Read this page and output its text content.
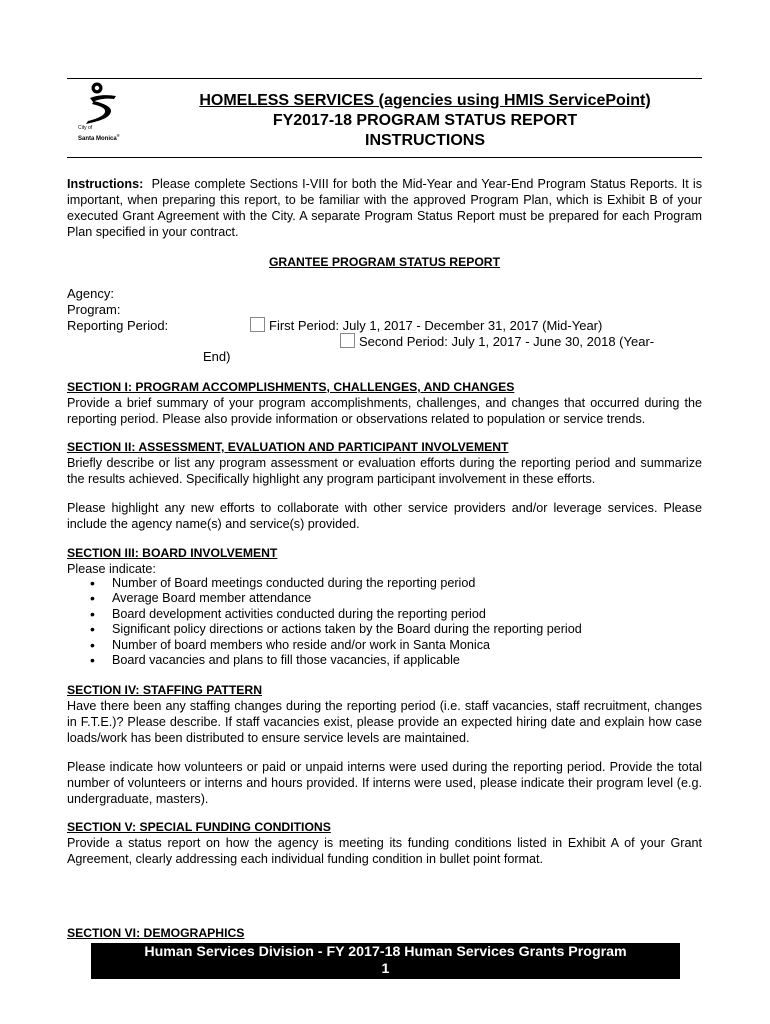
City of
Santa Monica®
HOMELESS SERVICES (agencies using HMIS ServicePoint)
FY2017-18 PROGRAM STATUS REPORT
INSTRUCTIONS
Instructions: Please complete Sections I-VIII for both the Mid-Year and Year-End Program Status Reports. It is important, when preparing this report, to be familiar with the approved Program Plan, which is Exhibit B of your executed Grant Agreement with the City. A separate Program Status Report must be prepared for each Program Plan specified in your contract.
GRANTEE PROGRAM STATUS REPORT
Agency:
Program:
Reporting Period:	First Period: July 1, 2017 - December 31, 2017 (Mid-Year)
Second Period: July 1, 2017 - June 30, 2018 (Year-
End)
SECTION I: PROGRAM ACCOMPLISHMENTS, CHALLENGES, AND CHANGES
Provide a brief summary of your program accomplishments, challenges, and changes that occurred during the reporting period. Please also provide information or observations related to population or service trends.
SECTION II: ASSESSMENT, EVALUATION AND PARTICIPANT INVOLVEMENT
Briefly describe or list any program assessment or evaluation efforts during the reporting period and summarize the results achieved. Specifically highlight any program participant involvement in these efforts.
Please highlight any new efforts to collaborate with other service providers and/or leverage services. Please include the agency name(s) and service(s) provided.
SECTION III: BOARD INVOLVEMENT
Please indicate:
• Number of Board meetings conducted during the reporting period
• Average Board member attendance
• Board development activities conducted during the reporting period
• Significant policy directions or actions taken by the Board during the reporting period
• Number of board members who reside and/or work in Santa Monica
• Board vacancies and plans to fill those vacancies, if applicable
SECTION IV: STAFFING PATTERN
Have there been any staffing changes during the reporting period (i.e. staff vacancies, staff recruitment, changes in F.T.E.)? Please describe. If staff vacancies exist, please provide an expected hiring date and explain how case loads/work has been distributed to ensure service levels are maintained.
Please indicate how volunteers or paid or unpaid interns were used during the reporting period. Provide the total number of volunteers or interns and hours provided. If interns were used, please indicate their program level (e.g. undergraduate, masters).
SECTION V: SPECIAL FUNDING CONDITIONS
Provide a status report on how the agency is meeting its funding conditions listed in Exhibit A of your Grant Agreement, clearly addressing each individual funding condition in bullet point format.
SECTION VI: DEMOGRAPHICS
Human Services Division - FY 2017-18 Human Services Grants Program
1
